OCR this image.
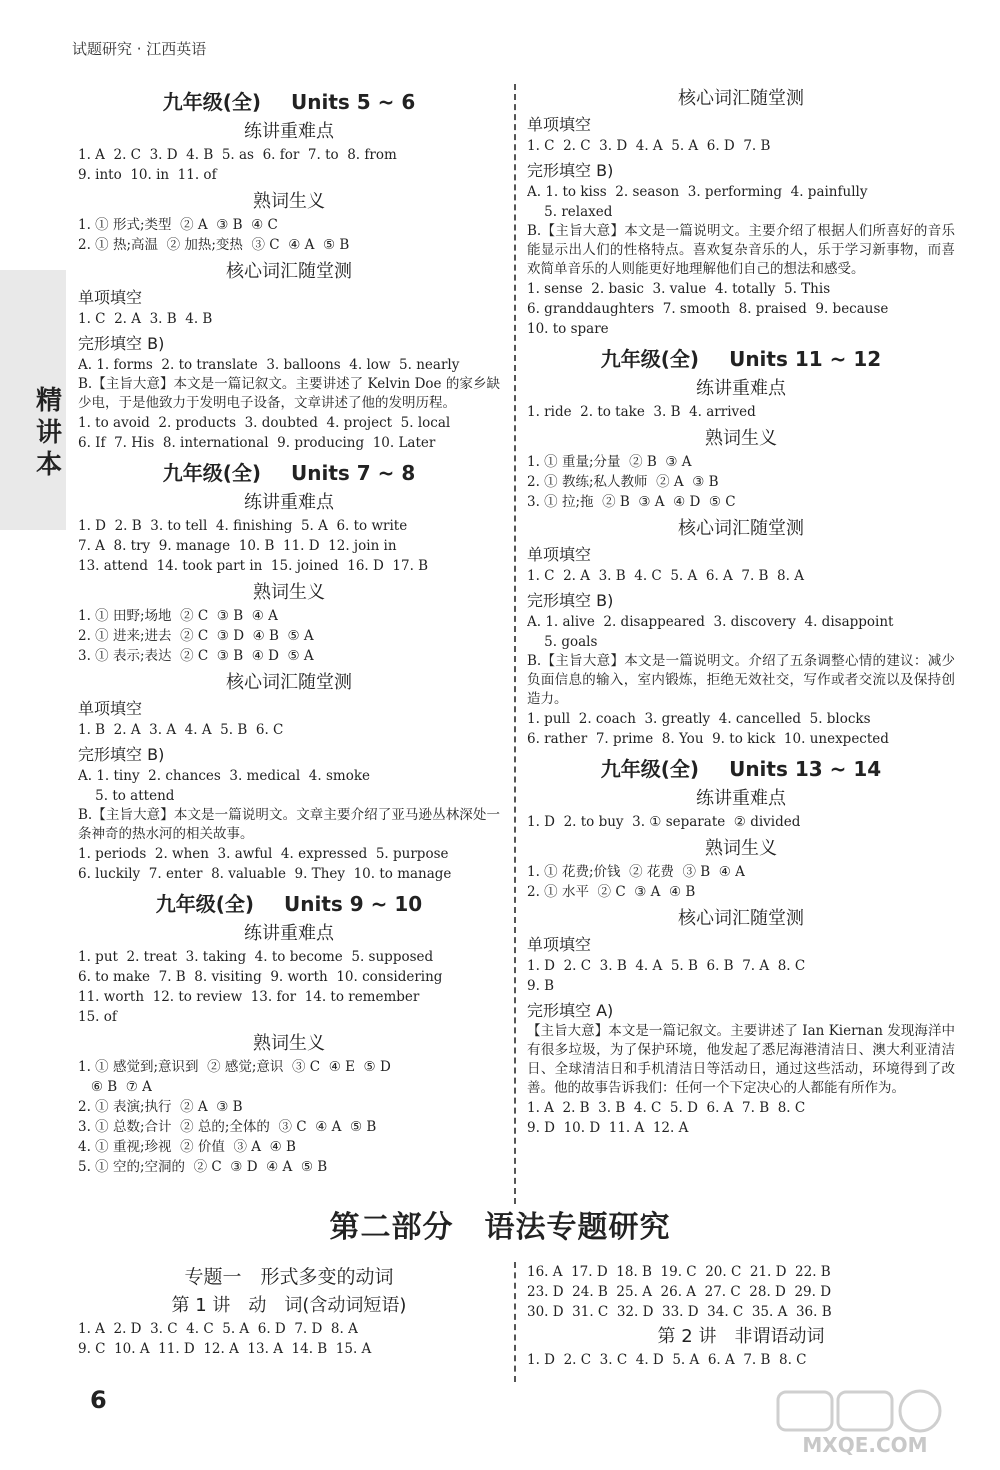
试题研究 · 江西英语
精
讲
本
九年级(全) Units 5 ~ 6
练讲重难点
1. A  2. C  3. D  4. B  5. as  6. for  7. to  8. from
9. into  10. in  11. of
熟词生义
1. ① 形式;类型  ② A  ③ B  ④ C
2. ① 热;高温  ② 加热;变热  ③ C  ④ A  ⑤ B
核心词汇随堂测
单项填空
1. C  2. A  3. B  4. B
完形填空 B)
A. 1. forms  2. to translate  3. balloons  4. low  5. nearly
B.【主旨大意】本文是一篇记叙文。主要讲述了 Kelvin Doe 的家乡缺少电，于是他致力于发明电子设备，文章讲述了他的发明历程。
1. to avoid  2. products  3. doubted  4. project  5. local
6. If  7. His  8. international  9. producing  10. Later
九年级(全) Units 7 ~ 8
练讲重难点
1. D  2. B  3. to tell  4. finishing  5. A  6. to write
7. A  8. try  9. manage  10. B  11. D  12. join in
13. attend  14. took part in  15. joined  16. D  17. B
熟词生义
1. ① 田野;场地  ② C  ③ B  ④ A
2. ① 进来;进去  ② C  ③ D  ④ B  ⑤ A
3. ① 表示;表达  ② C  ③ B  ④ D  ⑤ A
核心词汇随堂测
单项填空
1. B  2. A  3. A  4. A  5. B  6. C
完形填空 B)
A. 1. tiny  2. chances  3. medical  4. smoke
5. to attend
B.【主旨大意】本文是一篇说明文。文章主要介绍了亚马逊丛林深处一条神奇的热水河的相关故事。
1. periods  2. when  3. awful  4. expressed  5. purpose
6. luckily  7. enter  8. valuable  9. They  10. to manage
九年级(全) Units 9 ~ 10
练讲重难点
1. put  2. treat  3. taking  4. to become  5. supposed
6. to make  7. B  8. visiting  9. worth  10. considering
11. worth  12. to review  13. for  14. to remember
15. of
熟词生义
1. ① 感觉到;意识到  ② 感觉;意识  ③ C  ④ E  ⑤ D
⑥ B  ⑦ A
2. ① 表演;执行  ② A  ③ B
3. ① 总数;合计  ② 总的;全体的  ③ C  ④ A  ⑤ B
4. ① 重视;珍视  ② 价值  ③ A  ④ B
5. ① 空的;空洞的  ② C  ③ D  ④ A  ⑤ B
核心词汇随堂测
单项填空
1. C  2. C  3. D  4. A  5. A  6. D  7. B
完形填空 B)
A. 1. to kiss  2. season  3. performing  4. painfully
5. relaxed
B.【主旨大意】本文是一篇说明文。主要介绍了根据人们所喜好的音乐能显示出人们的性格特点。喜欢复杂音乐的人，乐于学习新事物，而喜欢简单音乐的人则能更好地理解他们自己的想法和感受。
1. sense  2. basic  3. value  4. totally  5. This
6. granddaughters  7. smooth  8. praised  9. because
10. to spare
九年级(全) Units 11 ~ 12
练讲重难点
1. ride  2. to take  3. B  4. arrived
熟词生义
1. ① 重量;分量  ② B  ③ A
2. ① 教练;私人教师  ② A  ③ B
3. ① 拉;拖  ② B  ③ A  ④ D  ⑤ C
核心词汇随堂测
单项填空
1. C  2. A  3. B  4. C  5. A  6. A  7. B  8. A
完形填空 B)
A. 1. alive  2. disappeared  3. discovery  4. disappoint
5. goals
B.【主旨大意】本文是一篇说明文。介绍了五条调整心情的建议：减少负面信息的输入，室内锻炼，拒绝无效社交，写作或者交流以及保持创造力。
1. pull  2. coach  3. greatly  4. cancelled  5. blocks
6. rather  7. prime  8. You  9. to kick  10. unexpected
九年级(全) Units 13 ~ 14
练讲重难点
1. D  2. to buy  3. ① separate  ② divided
熟词生义
1. ① 花费;价钱  ② 花费  ③ B  ④ A
2. ① 水平  ② C  ③ A  ④ B
核心词汇随堂测
单项填空
1. D  2. C  3. B  4. A  5. B  6. B  7. A  8. C
9. B
完形填空 A)
【主旨大意】本文是一篇记叙文。主要讲述了 Ian Kiernan 发现海洋中有很多垃圾，为了保护环境，他发起了悉尼海港清洁日、澳大利亚清洁日、全球清洁日和手机清洁日等活动日，通过这些活动，环境得到了改善。他的故事告诉我们：任何一个下定决心的人都能有所作为。
1. A  2. B  3. B  4. C  5. D  6. A  7. B  8. C
9. D  10. D  11. A  12. A
第二部分　语法专题研究
专题一　形式多变的动词
第 1 讲　动　词(含动词短语)
1. A  2. D  3. C  4. C  5. A  6. D  7. D  8. A
9. C  10. A  11. D  12. A  13. A  14. B  15. A
16. A  17. D  18. B  19. C  20. C  21. D  22. B
23. D  24. B  25. A  26. A  27. C  28. D  29. D
30. D  31. C  32. D  33. D  34. C  35. A  36. B
第 2 讲　非谓语动词
1. D  2. C  3. C  4. D  5. A  6. A  7. B  8. C
6
MXQE.COM
